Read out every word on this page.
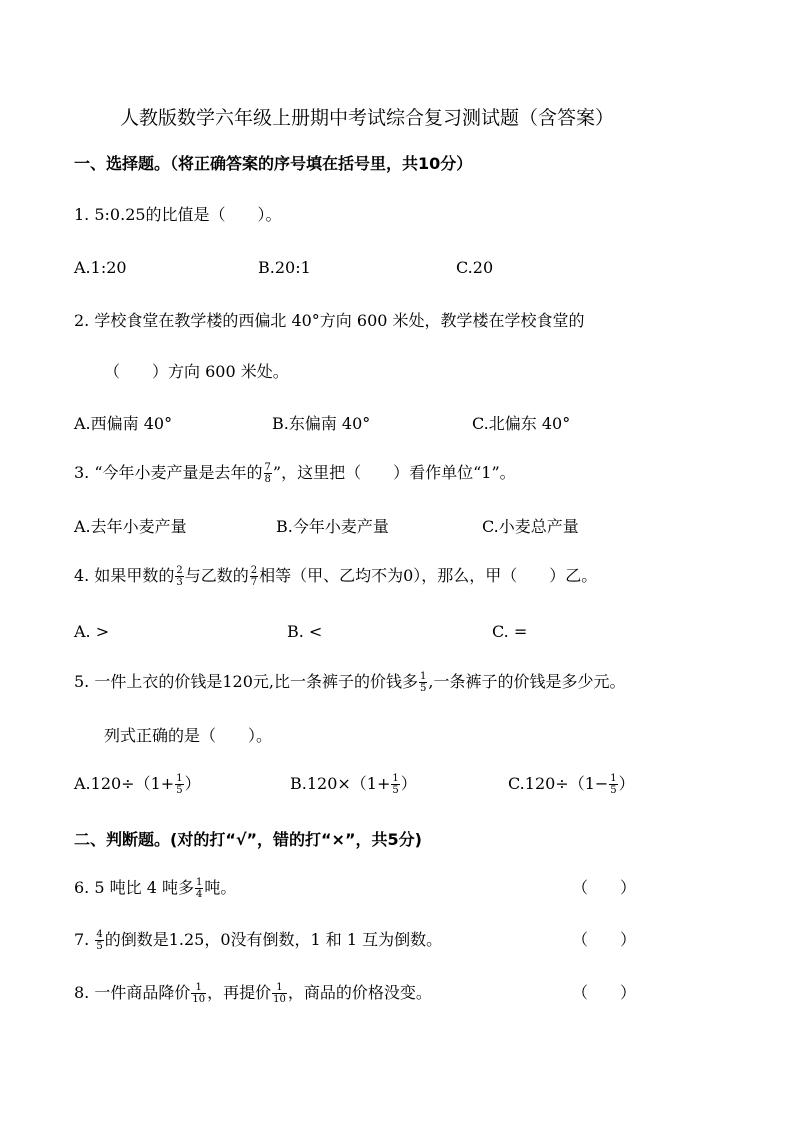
人教版数学六年级上册期中考试综合复习测试题（含答案）
一、选择题。（将正确答案的序号填在括号里，共10分）
1. 5:0.25的比值是（　　）。
A.1:20	B.20:1	C.20
2. 学校食堂在教学楼的西偏北 40°方向 600 米处，教学楼在学校食堂的
（　　）方向 600 米处。
A.西偏南 40°	B.东偏南 40°	C.北偏东 40°
3. “今年小麦产量是去年的 $\frac{7}{8}$ ”，这里把（　　）看作单位“1”。
A.去年小麦产量	B.今年小麦产量	C.小麦总产量
4. 如果甲数的 $\frac{2}{3}$ 与乙数的 $\frac{2}{7}$ 相等（甲、乙均不为0），那么，甲（　　）乙。
A. >	B. <	C. =
5. 一件上衣的价钱是120元,比一条裤子的价钱多 $\frac{1}{5}$ ,一条裤子的价钱是多少元。
列式正确的是（　　）。
$A.120\div(1+ \frac{1}{5}$ ）	$B.120\times(1+ \frac{1}{5}$ ）	$C.120\div(1- \frac{1}{5}$ ）
二、判断题。(对的打“√”，错的打“×”，共5分)
6. 5 吨比 4 吨多 $\frac{1}{4}$ 吨。	（　　）
7. $\frac{4}{5}$ 的倒数是1.25，0没有倒数，1 和 1 互为倒数。	（　　）
8. 一件商品降价 $\frac{1}{10}$ ，再提价 $\frac{1}{10}$ ，商品的价格没变。	（　　）
